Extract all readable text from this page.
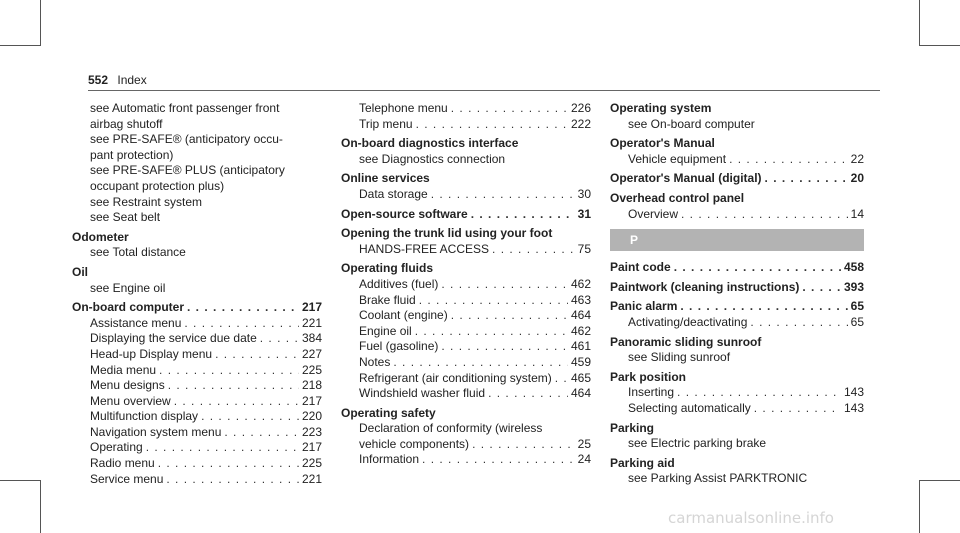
552 Index
see Automatic front passenger front
airbag shutoff
see PRE‑SAFE® (anticipatory occu‑
pant protection)
see PRE‑SAFE® PLUS (anticipatory
occupant protection plus)
see Restraint system
see Seat belt
Odometer
see Total distance
Oil
see Engine oil
On‑board computer . . .	217
Assistance menu . . .	221
Displaying the service due date . . .	384
Head‑up Display menu . . .	227
Media menu . . .	225
Menu designs . . .	218
Menu overview . . .	217
Multifunction display . . .	220
Navigation system menu . . .	223
Operating . . .	217
Radio menu . . .	225
Service menu . . .	221
Telephone menu . . .	226
Trip menu . . .	222
On‑board diagnostics interface
see Diagnostics connection
Online services
Data storage . . .	30
Open‑source software . . .	31
Opening the trunk lid using your foot
HANDS‑FREE ACCESS . . .	75
Operating fluids
Additives (fuel) . . .	462
Brake fluid . . .	463
Coolant (engine) . . .	464
Engine oil . . .	462
Fuel (gasoline) . . .	461
Notes . . .	459
Refrigerant (air conditioning system) . . . 465
Windshield washer fluid . . .	464
Operating safety
Declaration of conformity (wireless
vehicle components) . . .	25
Information . . .	24
Operating system
see On‑board computer
Operator's Manual
Vehicle equipment . . .	22
Operator's Manual (digital) . . .	20
Overhead control panel
Overview . . .	14
P
Paint code . . .	458
Paintwork (cleaning instructions) . . .	393
Panic alarm . . .	65
Activating/deactivating . . .	65
Panoramic sliding sunroof
see Sliding sunroof
Park position
Inserting . . .	143
Selecting automatically . . .	143
Parking
see Electric parking brake
Parking aid
see Parking Assist PARKTRONIC
carmanualsonline.info
